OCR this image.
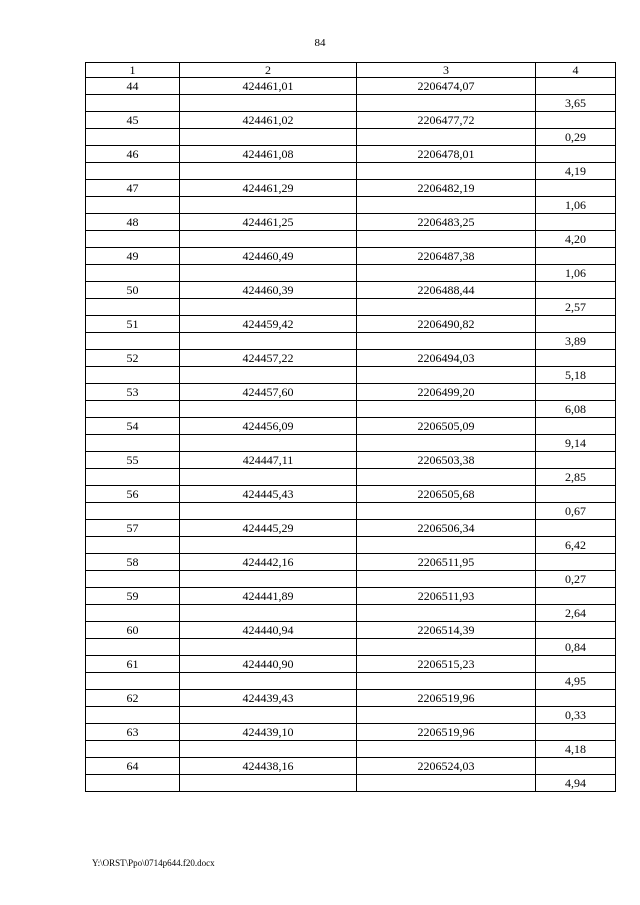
84
1	2	3	4
44	424461,01	2206474,07	
			3,65
45	424461,02	2206477,72	
			0,29
46	424461,08	2206478,01	
			4,19
47	424461,29	2206482,19	
			1,06
48	424461,25	2206483,25	
			4,20
49	424460,49	2206487,38	
			1,06
50	424460,39	2206488,44	
			2,57
51	424459,42	2206490,82	
			3,89
52	424457,22	2206494,03	
			5,18
53	424457,60	2206499,20	
			6,08
54	424456,09	2206505,09	
			9,14
55	424447,11	2206503,38	
			2,85
56	424445,43	2206505,68	
			0,67
57	424445,29	2206506,34	
			6,42
58	424442,16	2206511,95	
			0,27
59	424441,89	2206511,93	
			2,64
60	424440,94	2206514,39	
			0,84
61	424440,90	2206515,23	
			4,95
62	424439,43	2206519,96	
			0,33
63	424439,10	2206519,96	
			4,18
64	424438,16	2206524,03	
			4,94
Y:\ORST\Ppo\0714p644.f20.docx
